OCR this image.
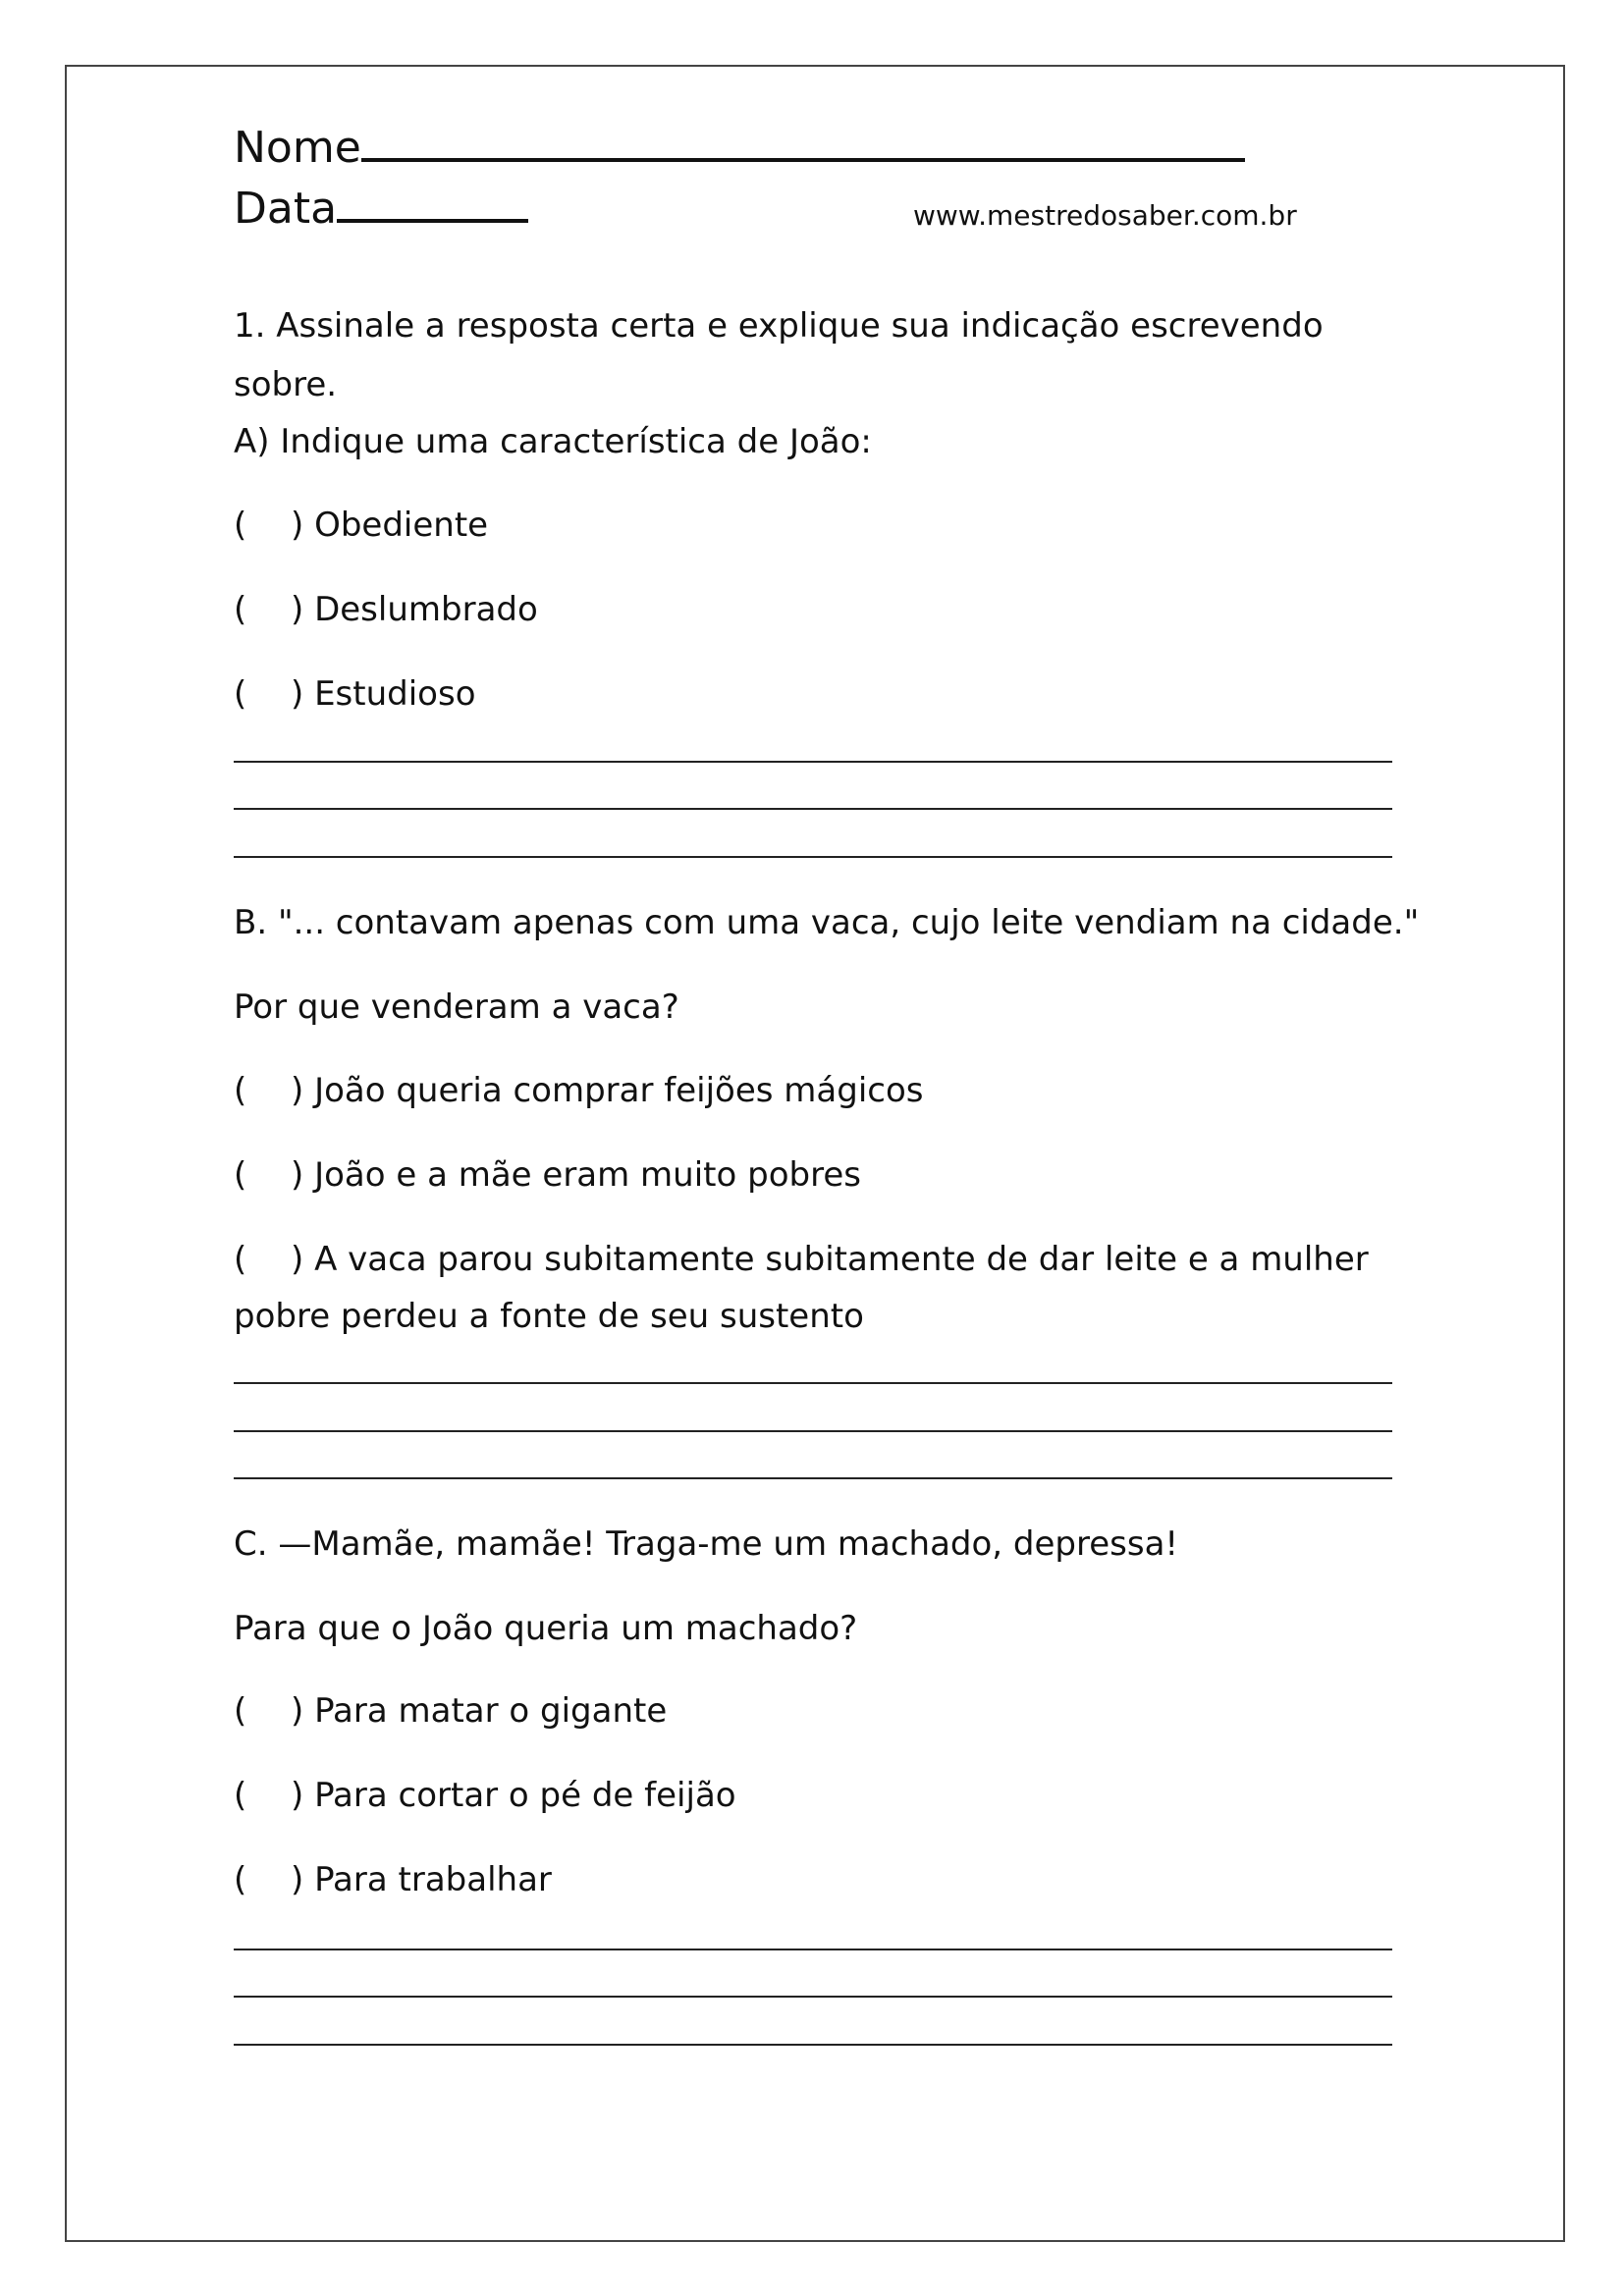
Nome
Data	www.mestredosaber.com.br
1. Assinale a resposta certa e explique sua indicação escrevendo
sobre.
A) Indique uma característica de João:
( ) Obediente
( ) Deslumbrado
( ) Estudioso
B. "... contavam apenas com uma vaca, cujo leite vendiam na cidade."
Por que venderam a vaca?
( ) João queria comprar feijões mágicos
( ) João e a mãe eram muito pobres
( ) A vaca parou subitamente subitamente de dar leite e a mulher
pobre perdeu a fonte de seu sustento
C. —Mamãe, mamãe! Traga-me um machado, depressa!
Para que o João queria um machado?
( ) Para matar o gigante
( ) Para cortar o pé de feijão
( ) Para trabalhar
